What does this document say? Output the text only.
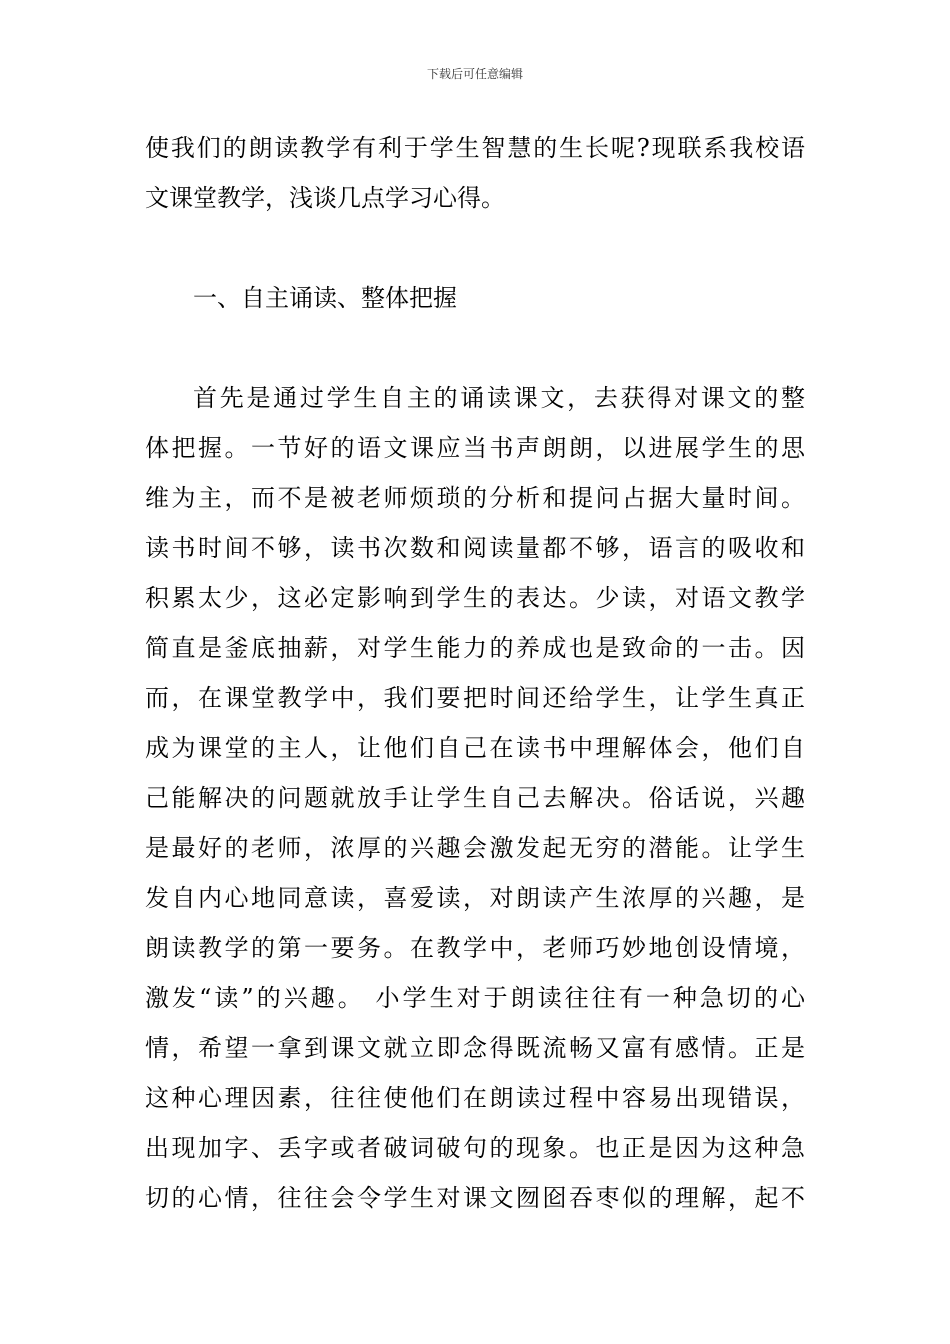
下载后可任意编辑
使我们的朗读教学有利于学生智慧的生长呢?现联系我校语
文课堂教学，浅谈几点学习心得。
一、自主诵读、整体把握
首先是通过学生自主的诵读课文，去获得对课文的整
体把握。一节好的语文课应当书声朗朗，以进展学生的思
维为主，而不是被老师烦琐的分析和提问占据大量时间。
读书时间不够，读书次数和阅读量都不够，语言的吸收和
积累太少，这必定影响到学生的表达。少读，对语文教学
简直是釜底抽薪，对学生能力的养成也是致命的一击。因
而，在课堂教学中，我们要把时间还给学生，让学生真正
成为课堂的主人，让他们自己在读书中理解体会，他们自
己能解决的问题就放手让学生自己去解决。俗话说，兴趣
是最好的老师，浓厚的兴趣会激发起无穷的潜能。让学生
发自内心地同意读，喜爱读，对朗读产生浓厚的兴趣，是
朗读教学的第一要务。在教学中，老师巧妙地创设情境，
激发“读”的兴趣。 小学生对于朗读往往有一种急切的心
情，希望一拿到课文就立即念得既流畅又富有感情。正是
这种心理因素，往往使他们在朗读过程中容易出现错误，
出现加字、丢字或者破词破句的现象。也正是因为这种急
切的心情，往往会令学生对课文囫囵吞枣似的理解，起不
